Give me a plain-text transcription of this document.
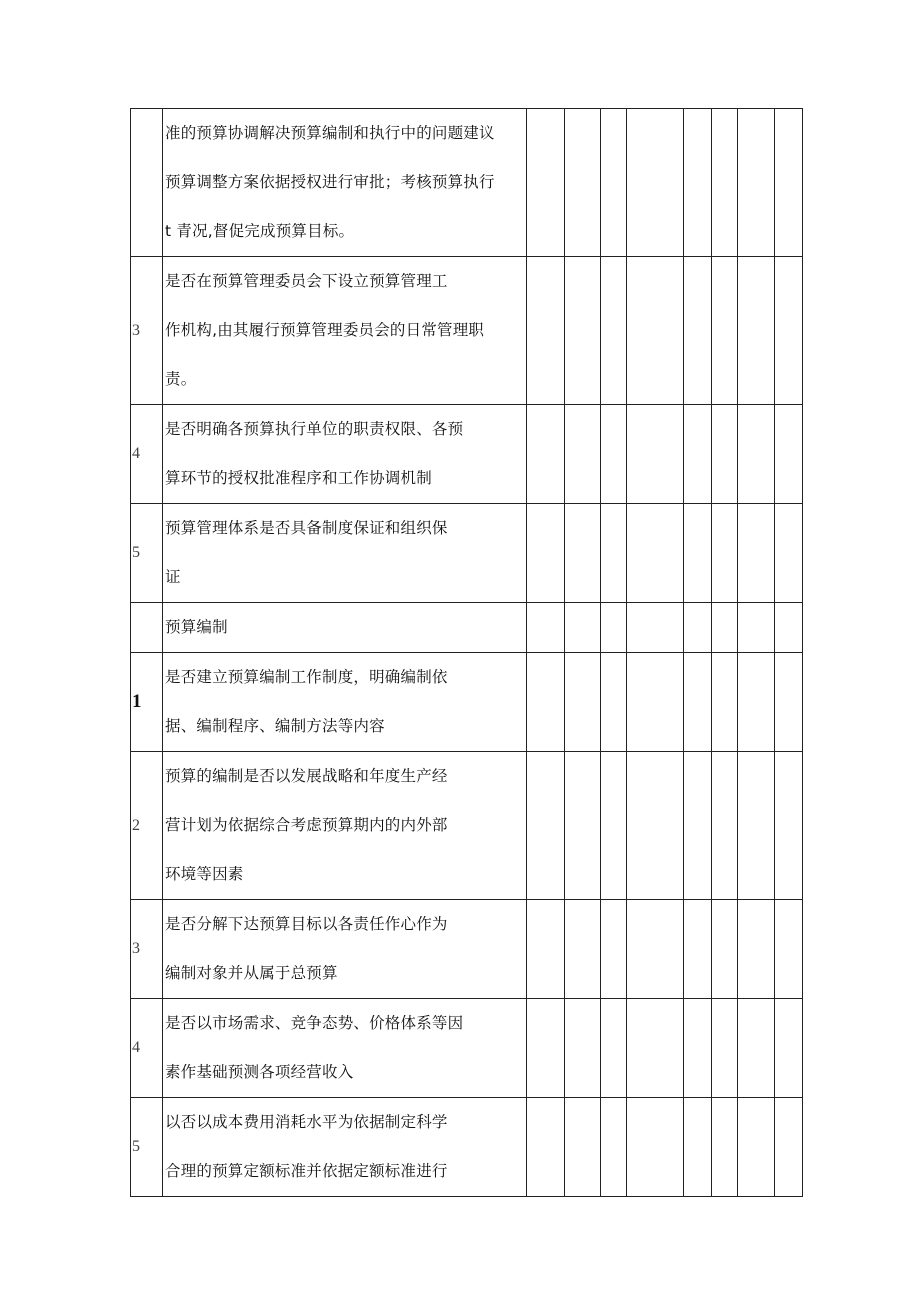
	准的预算协调解决预算编制和执行中的问题建议
预算调整方案依据授权进行审批；考核预算执行
t 青况,督促完成预算目标。								

3	是否在预算管理委员会下设立预算管理工
作机构,由其履行预算管理委员会的日常管理职
责。								

4	是否明确各预算执行单位的职责权限、各预
算环节的授权批准程序和工作协调机制								

5	预算管理体系是否具备制度保证和组织保
证								

	预算编制								

1	是否建立预算编制工作制度，明确编制依
据、编制程序、编制方法等内容								

2	预算的编制是否以发展战略和年度生产经
营计划为依据综合考虑预算期内的内外部
环境等因素								

3	是否分解下达预算目标以各责任作心作为
编制对象并从属于总预算								

4	是否以市场需求、竞争态势、价格体系等因
素作基础预测各项经营收入								

5	以否以成本费用消耗水平为依据制定科学
合理的预算定额标准并依据定额标准进行								
